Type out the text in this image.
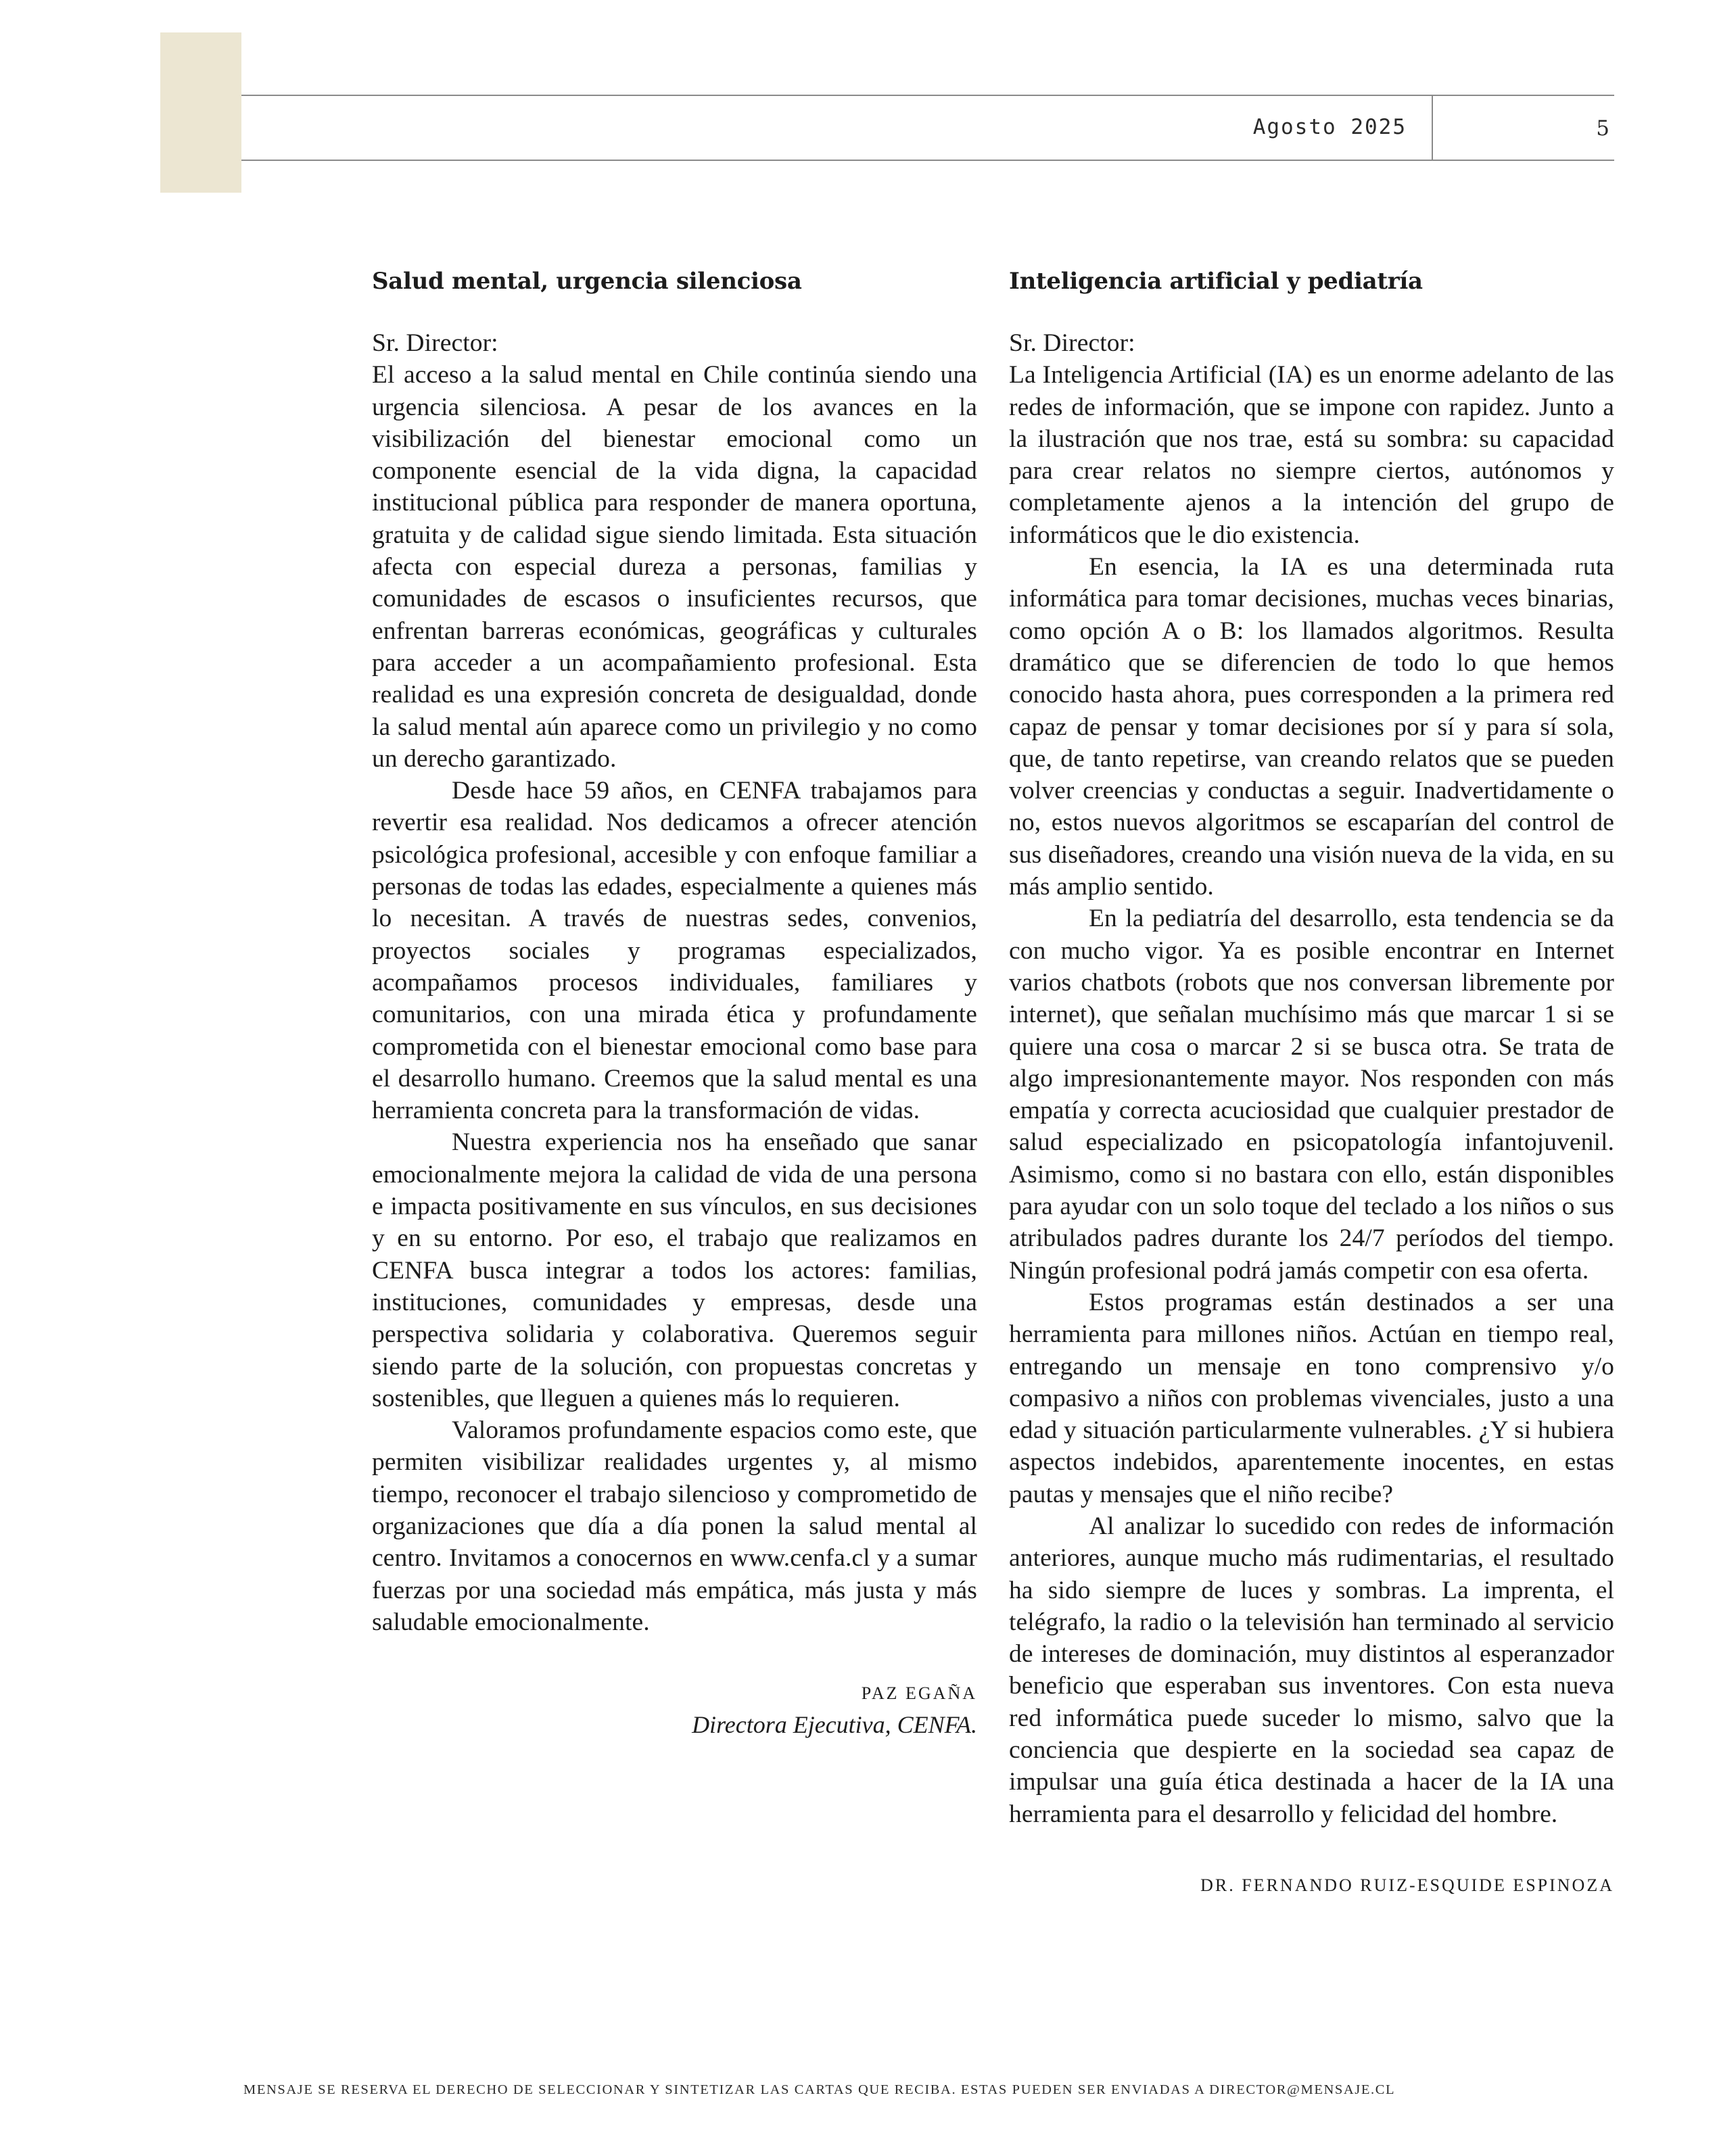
Agosto 2025	5
Salud mental, urgencia silenciosa

Sr. Director:

El acceso a la salud mental en Chile continúa siendo una urgencia silenciosa. A pesar de los avances en la visibilización del bienestar emocional como un componente esencial de la vida digna, la capacidad institucional pública para responder de manera oportuna, gratuita y de calidad sigue siendo limitada. Esta situación afecta con especial dureza a personas, familias y comunidades de escasos o insuficientes recursos, que enfrentan barreras económicas, geográficas y culturales para acceder a un acompañamiento profesional. Esta realidad es una expresión concreta de desigualdad, donde la salud mental aún aparece como un privilegio y no como un derecho garantizado.

Desde hace 59 años, en CENFA trabajamos para revertir esa realidad. Nos dedicamos a ofrecer atención psicológica profesional, accesible y con enfoque familiar a personas de todas las edades, especialmente a quienes más lo necesitan. A través de nuestras sedes, convenios, proyectos sociales y programas especializados, acompañamos procesos individuales, familiares y comunitarios, con una mirada ética y profundamente comprometida con el bienestar emocional como base para el desarrollo humano. Creemos que la salud mental es una herramienta concreta para la transformación de vidas.

Nuestra experiencia nos ha enseñado que sanar emocionalmente mejora la calidad de vida de una persona e impacta positivamente en sus vínculos, en sus decisiones y en su entorno. Por eso, el trabajo que realizamos en CENFA busca integrar a todos los actores: familias, instituciones, comunidades y empresas, desde una perspectiva solidaria y colaborativa. Queremos seguir siendo parte de la solución, con propuestas concretas y sostenibles, que lleguen a quienes más lo requieren.

Valoramos profundamente espacios como este, que permiten visibilizar realidades urgentes y, al mismo tiempo, reconocer el trabajo silencioso y comprometido de organizaciones que día a día ponen la salud mental al centro. Invitamos a conocernos en www.cenfa.cl y a sumar fuerzas por una sociedad más empática, más justa y más saludable emocionalmente.

PAZ EGAÑA
Directora Ejecutiva, CENFA.
Inteligencia artificial y pediatría

Sr. Director:

La Inteligencia Artificial (IA) es un enorme adelanto de las redes de información, que se impone con rapidez. Junto a la ilustración que nos trae, está su sombra: su capacidad para crear relatos no siempre ciertos, autónomos y completamente ajenos a la intención del grupo de informáticos que le dio existencia.

En esencia, la IA es una determinada ruta informática para tomar decisiones, muchas veces binarias, como opción A o B: los llamados algoritmos. Resulta dramático que se diferencien de todo lo que hemos conocido hasta ahora, pues corresponden a la primera red capaz de pensar y tomar decisiones por sí y para sí sola, que, de tanto repetirse, van creando relatos que se pueden volver creencias y conductas a seguir. Inadvertidamente o no, estos nuevos algoritmos se escaparían del control de sus diseñadores, creando una visión nueva de la vida, en su más amplio sentido.

En la pediatría del desarrollo, esta tendencia se da con mucho vigor. Ya es posible encontrar en Internet varios chatbots (robots que nos conversan libremente por internet), que señalan muchísimo más que marcar 1 si se quiere una cosa o marcar 2 si se busca otra. Se trata de algo impresionantemente mayor. Nos responden con más empatía y correcta acuciosidad que cualquier prestador de salud especializado en psicopatología infantojuvenil. Asimismo, como si no bastara con ello, están disponibles para ayudar con un solo toque del teclado a los niños o sus atribulados padres durante los 24/7 períodos del tiempo. Ningún profesional podrá jamás competir con esa oferta.

Estos programas están destinados a ser una herramienta para millones niños. Actúan en tiempo real, entregando un mensaje en tono comprensivo y/o compasivo a niños con problemas vivenciales, justo a una edad y situación particularmente vulnerables. ¿Y si hubiera aspectos indebidos, aparentemente inocentes, en estas pautas y mensajes que el niño recibe?

Al analizar lo sucedido con redes de información anteriores, aunque mucho más rudimentarias, el resultado ha sido siempre de luces y sombras. La imprenta, el telégrafo, la radio o la televisión han terminado al servicio de intereses de dominación, muy distintos al esperanzador beneficio que esperaban sus inventores. Con esta nueva red informática puede suceder lo mismo, salvo que la conciencia que despierte en la sociedad sea capaz de impulsar una guía ética destinada a hacer de la IA una herramienta para el desarrollo y felicidad del hombre.

DR. FERNANDO RUIZ-ESQUIDE ESPINOZA
MENSAJE SE RESERVA EL DERECHO DE SELECCIONAR Y SINTETIZAR LAS CARTAS QUE RECIBA. ESTAS PUEDEN SER ENVIADAS A DIRECTOR@MENSAJE.CL
